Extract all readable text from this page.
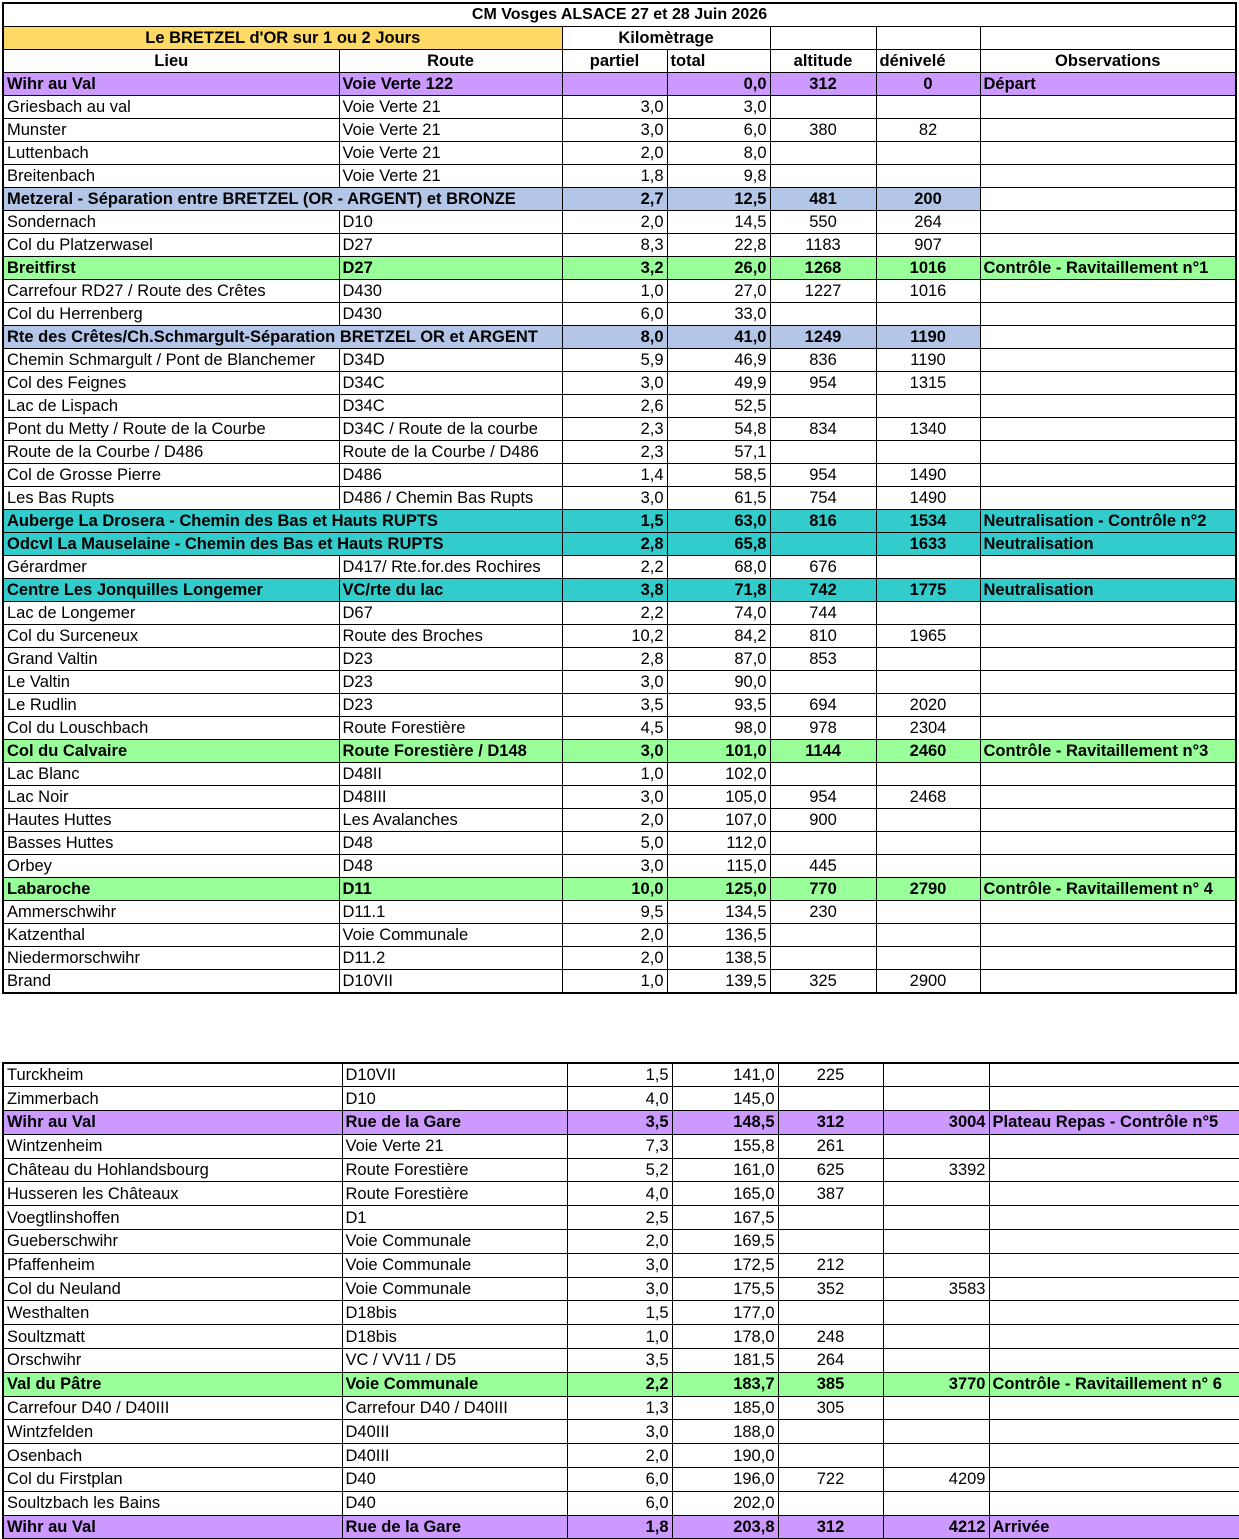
CM Vosges ALSACE 27 et 28 Juin 2026						
Le BRETZEL d'OR sur 1 ou 2 Jours		Kilomètrage				
Lieu	Route	partiel	total	altitude	dénivelé	Observations
Wihr au Val	Voie Verte 122		0,0	312	0	Départ
Griesbach au val	Voie Verte 21	3,0	3,0			
Munster	Voie Verte 21	3,0	6,0	380	82	
Luttenbach	Voie Verte 21	2,0	8,0			
Breitenbach	Voie Verte 21	1,8	9,8			
Metzeral - Séparation entre BRETZEL (OR - ARGENT) et BRONZE		2,7	12,5	481	200	
Sondernach	D10	2,0	14,5	550	264	
Col du Platzerwasel	D27	8,3	22,8	1183	907	
Breitfirst	D27	3,2	26,0	1268	1016	Contrôle - Ravitaillement n°1
Carrefour RD27 / Route des Crêtes	D430	1,0	27,0	1227	1016	
Col du Herrenberg	D430	6,0	33,0			
Rte des Crêtes/Ch.Schmargult-Séparation BRETZEL OR et ARGENT		8,0	41,0	1249	1190	
Chemin Schmargult / Pont de Blanchemer	D34D	5,9	46,9	836	1190	
Col des Feignes	D34C	3,0	49,9	954	1315	
Lac de Lispach	D34C	2,6	52,5			
Pont du Metty / Route de la Courbe	D34C / Route de la courbe	2,3	54,8	834	1340	
Route de la Courbe / D486	Route de la Courbe / D486	2,3	57,1			
Col de Grosse Pierre	D486	1,4	58,5	954	1490	
Les Bas Rupts	D486 / Chemin Bas Rupts	3,0	61,5	754	1490	
Auberge La Drosera - Chemin des Bas et Hauts RUPTS		1,5	63,0	816	1534	Neutralisation - Contrôle n°2
Odcvl La Mauselaine - Chemin des Bas et Hauts RUPTS		2,8	65,8		1633	Neutralisation
Gérardmer	D417/ Rte.for.des Rochires	2,2	68,0	676		
Centre Les Jonquilles Longemer	VC/rte du lac	3,8	71,8	742	1775	Neutralisation
Lac de Longemer	D67	2,2	74,0	744		
Col du Surceneux	Route des Broches	10,2	84,2	810	1965	
Grand Valtin	D23	2,8	87,0	853		
Le Valtin	D23	3,0	90,0			
Le Rudlin	D23	3,5	93,5	694	2020	
Col du Louschbach	Route Forestière	4,5	98,0	978	2304	
Col du Calvaire	Route Forestière / D148	3,0	101,0	1144	2460	Contrôle - Ravitaillement n°3
Lac Blanc	D48II	1,0	102,0			
Lac Noir	D48III	3,0	105,0	954	2468	
Hautes Huttes	Les Avalanches	2,0	107,0	900		
Basses Huttes	D48	5,0	112,0			
Orbey	D48	3,0	115,0	445		
Labaroche	D11	10,0	125,0	770	2790	Contrôle - Ravitaillement n° 4
Ammerschwihr	D11.1	9,5	134,5	230		
Katzenthal	Voie Communale	2,0	136,5			
Niedermorschwihr	D11.2	2,0	138,5			
Brand	D10VII	1,0	139,5	325	2900	
Turckheim	D10VII	1,5	141,0	225		
Zimmerbach	D10	4,0	145,0			
Wihr au Val	Rue de la Gare	3,5	148,5	312	3004	Plateau Repas - Contrôle n°5
Wintzenheim	Voie Verte 21	7,3	155,8	261		
Château du Hohlandsbourg	Route Forestière	5,2	161,0	625	3392	
Husseren les Châteaux	Route Forestière	4,0	165,0	387		
Voegtlinshoffen	D1	2,5	167,5			
Gueberschwihr	Voie Communale	2,0	169,5			
Pfaffenheim	Voie Communale	3,0	172,5	212		
Col du Neuland	Voie Communale	3,0	175,5	352	3583	
Westhalten	D18bis	1,5	177,0			
Soultzmatt	D18bis	1,0	178,0	248		
Orschwihr	VC / VV11 / D5	3,5	181,5	264		
Val du Pâtre	Voie Communale	2,2	183,7	385	3770	Contrôle - Ravitaillement n° 6
Carrefour D40 / D40III	Carrefour D40 / D40III	1,3	185,0	305		
Wintzfelden	D40III	3,0	188,0			
Osenbach	D40III	2,0	190,0			
Col du Firstplan	D40	6,0	196,0	722	4209	
Soultzbach les Bains	D40	6,0	202,0			
Wihr au Val	Rue de la Gare	1,8	203,8	312	4212	Arrivée
